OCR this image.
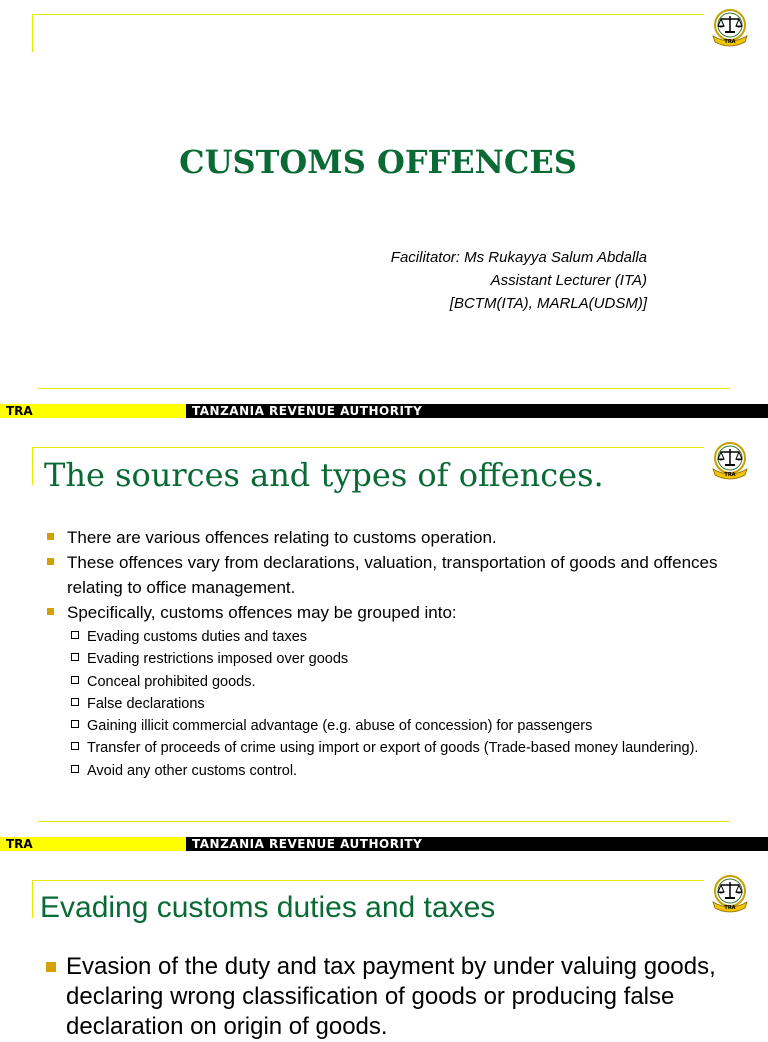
TRA
CUSTOMS OFFENCES
Facilitator: Ms Rukayya Salum Abdalla
Assistant Lecturer (ITA)
[BCTM(ITA), MARLA(UDSM)]
TRA	TANZANIA REVENUE AUTHORITY
TRA
The sources and types of offences.
There are various offences relating to customs operation.
These offences vary from declarations, valuation, transportation of goods and offences relating to office management.
Specifically, customs offences may be grouped into:
Evading customs duties and taxes
Evading restrictions imposed over goods
Conceal prohibited goods.
False declarations
Gaining illicit commercial advantage (e.g. abuse of concession) for passengers
Transfer of proceeds of crime using import or export of goods (Trade-based money laundering).
Avoid any other customs control.
TRA	TANZANIA REVENUE AUTHORITY
TRA
Evading customs duties and taxes
Evasion of the duty and tax payment by under valuing goods, declaring wrong classification of goods or producing false declaration on origin of goods.
